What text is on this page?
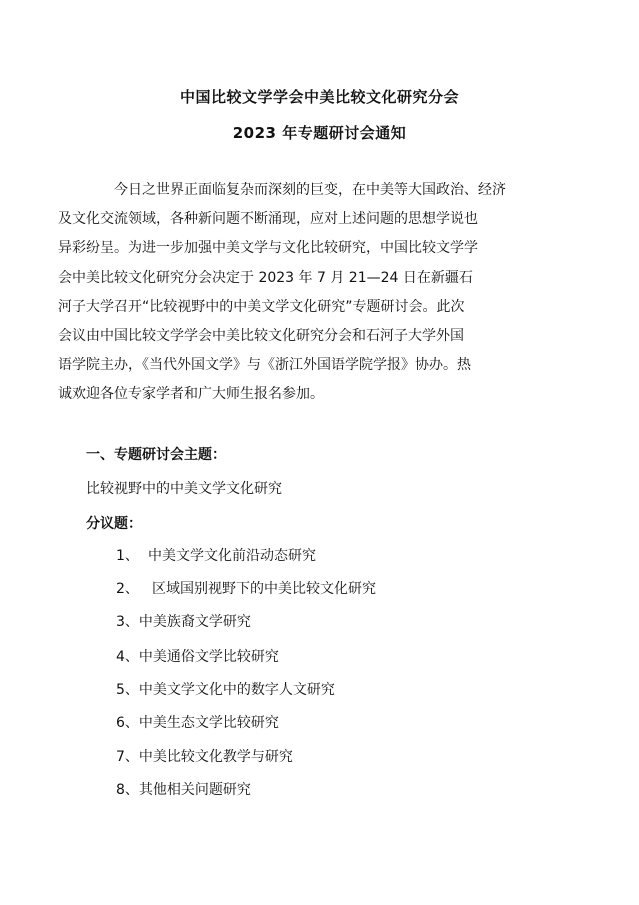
中国比较文学学会中美比较文化研究分会
2023 年专题研讨会通知
今日之世界正面临复杂而深刻的巨变，在中美等大国政治、经济
及文化交流领域，各种新问题不断涌现，应对上述问题的思想学说也
异彩纷呈。为进一步加强中美文学与文化比较研究，中国比较文学学
会中美比较文化研究分会决定于 2023 年 7 月 21—24 日在新疆石
河子大学召开“比较视野中的中美文学文化研究”专题研讨会。此次
会议由中国比较文学学会中美比较文化研究分会和石河子大学外国
语学院主办，《当代外国文学》与《浙江外国语学院学报》协办。热
诚欢迎各位专家学者和广大师生报名参加。
一、专题研讨会主题：
比较视野中的中美文学文化研究
分议题：
1、 中美文学文化前沿动态研究
2、 区域国别视野下的中美比较文化研究
3、中美族裔文学研究
4、中美通俗文学比较研究
5、中美文学文化中的数字人文研究
6、中美生态文学比较研究
7、中美比较文化教学与研究
8、其他相关问题研究
